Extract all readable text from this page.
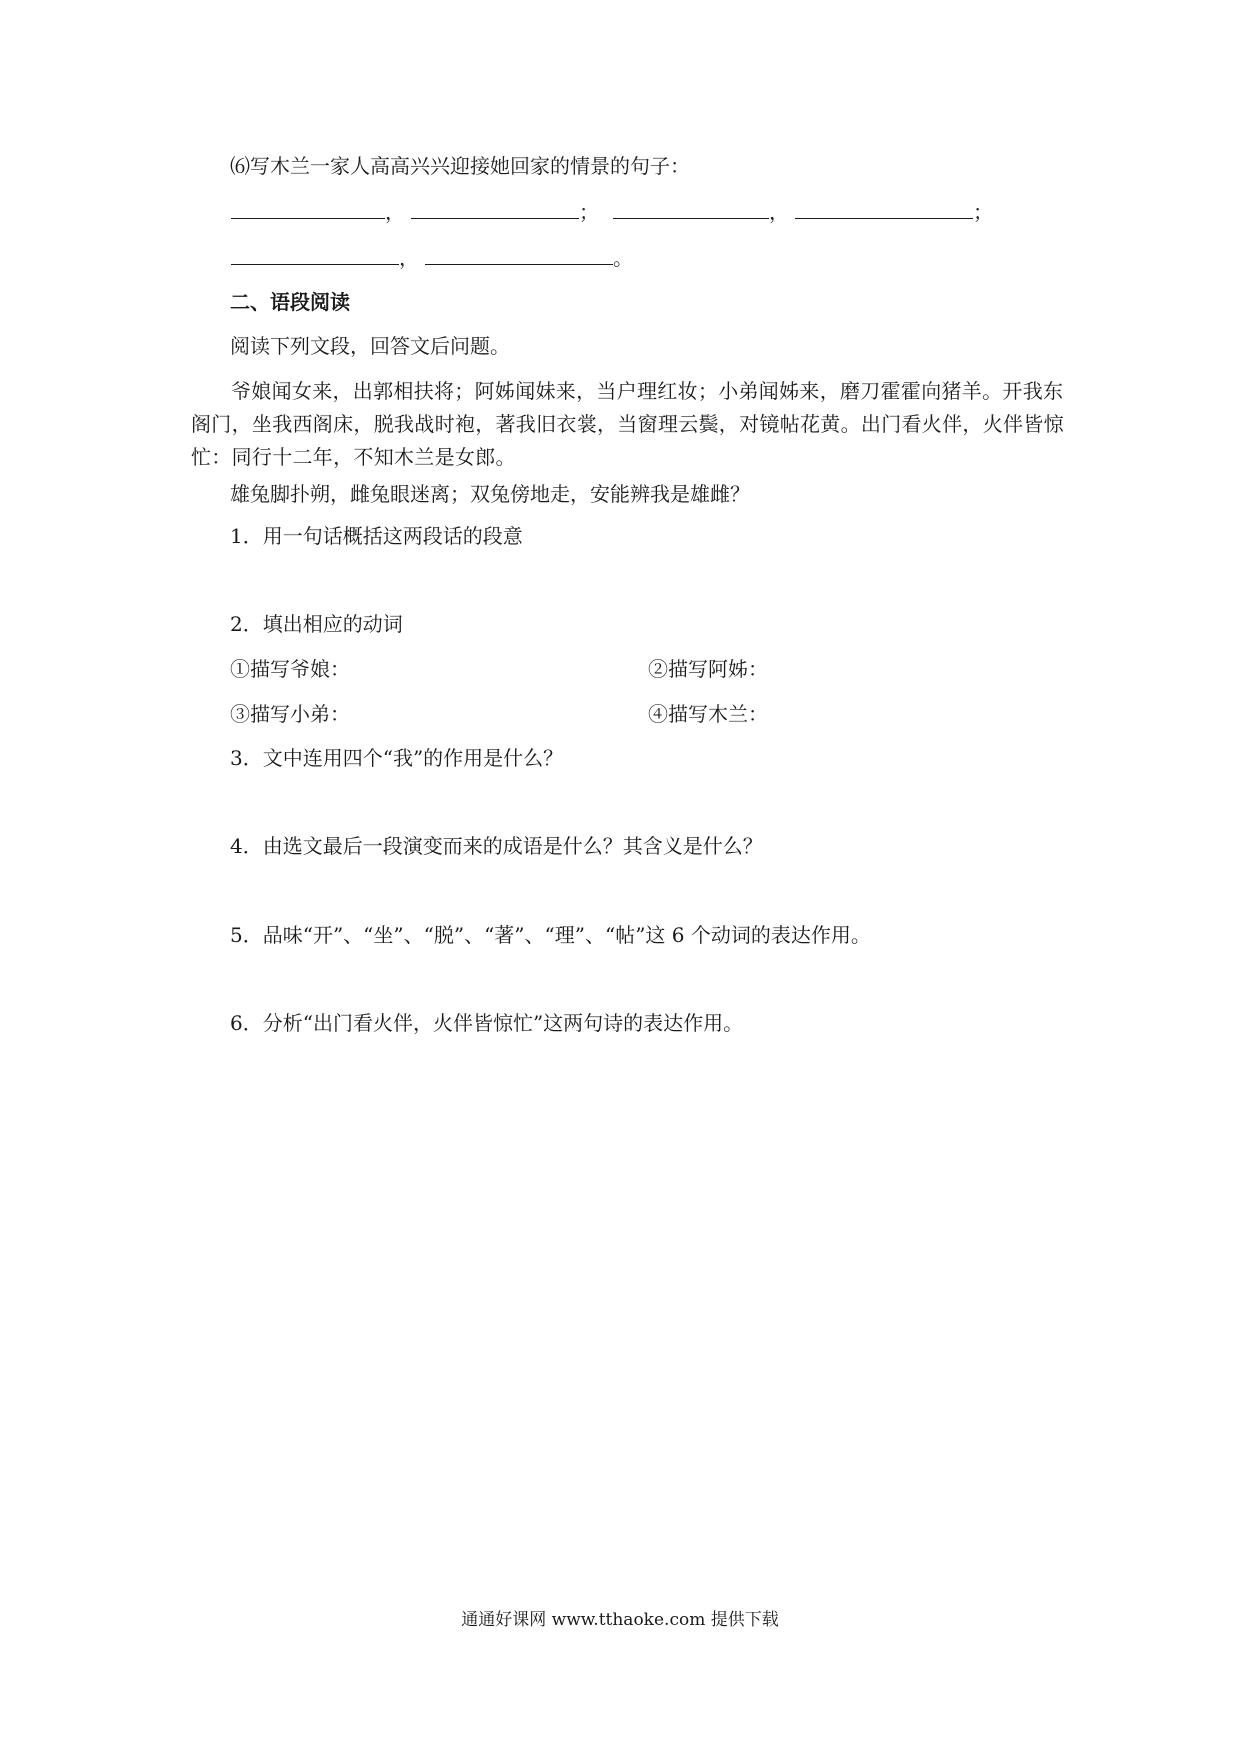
⑹写木兰一家人高高兴兴迎接她回家的情景的句子：
，	；	，	；
，	。
二、语段阅读
阅读下列文段，回答文后问题。
爷娘闻女来，出郭相扶将；阿姊闻妹来，当户理红妆；小弟闻姊来，磨刀霍霍向猪羊。开我东阁门，坐我西阁床，脱我战时袍，著我旧衣裳，当窗理云鬓，对镜帖花黄。出门看火伴，火伴皆惊忙：同行十二年，不知木兰是女郎。
雄兔脚扑朔，雌兔眼迷离；双兔傍地走，安能辨我是雄雌？
1．用一句话概括这两段话的段意
2．填出相应的动词
①描写爷娘：	②描写阿姊：
③描写小弟：	④描写木兰：
3．文中连用四个“我”的作用是什么？
4．由选文最后一段演变而来的成语是什么？其含义是什么？
5．品味“开”、“坐”、“脱”、“著”、“理”、“帖”这 6 个动词的表达作用。
6．分析“出门看火伴，火伴皆惊忙”这两句诗的表达作用。
通通好课网 www.tthaoke.com 提供下载
